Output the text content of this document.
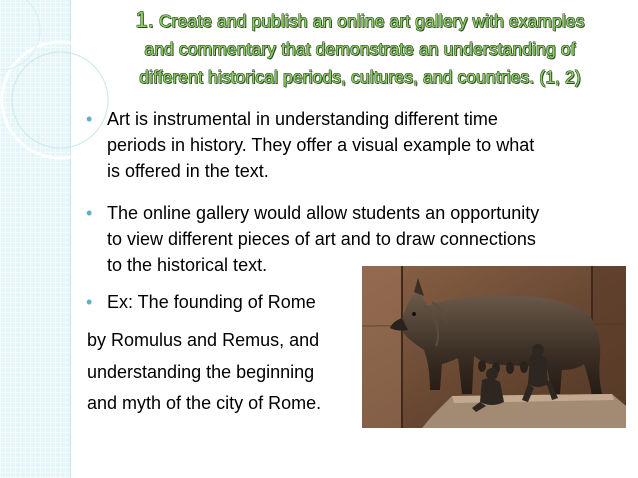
1. Create and publish an online art gallery with examples
and commentary that demonstrate an understanding of
different historical periods, cultures, and countries. (1, 2)
• Art is instrumental in understanding different time
periods in history. They offer a visual example to what
is offered in the text.
• The online gallery would allow students an opportunity
to view different pieces of art and to draw connections
to the historical text.
• Ex: The founding of Rome
by Romulus and Remus, and
understanding the beginning
and myth of the city of Rome.
